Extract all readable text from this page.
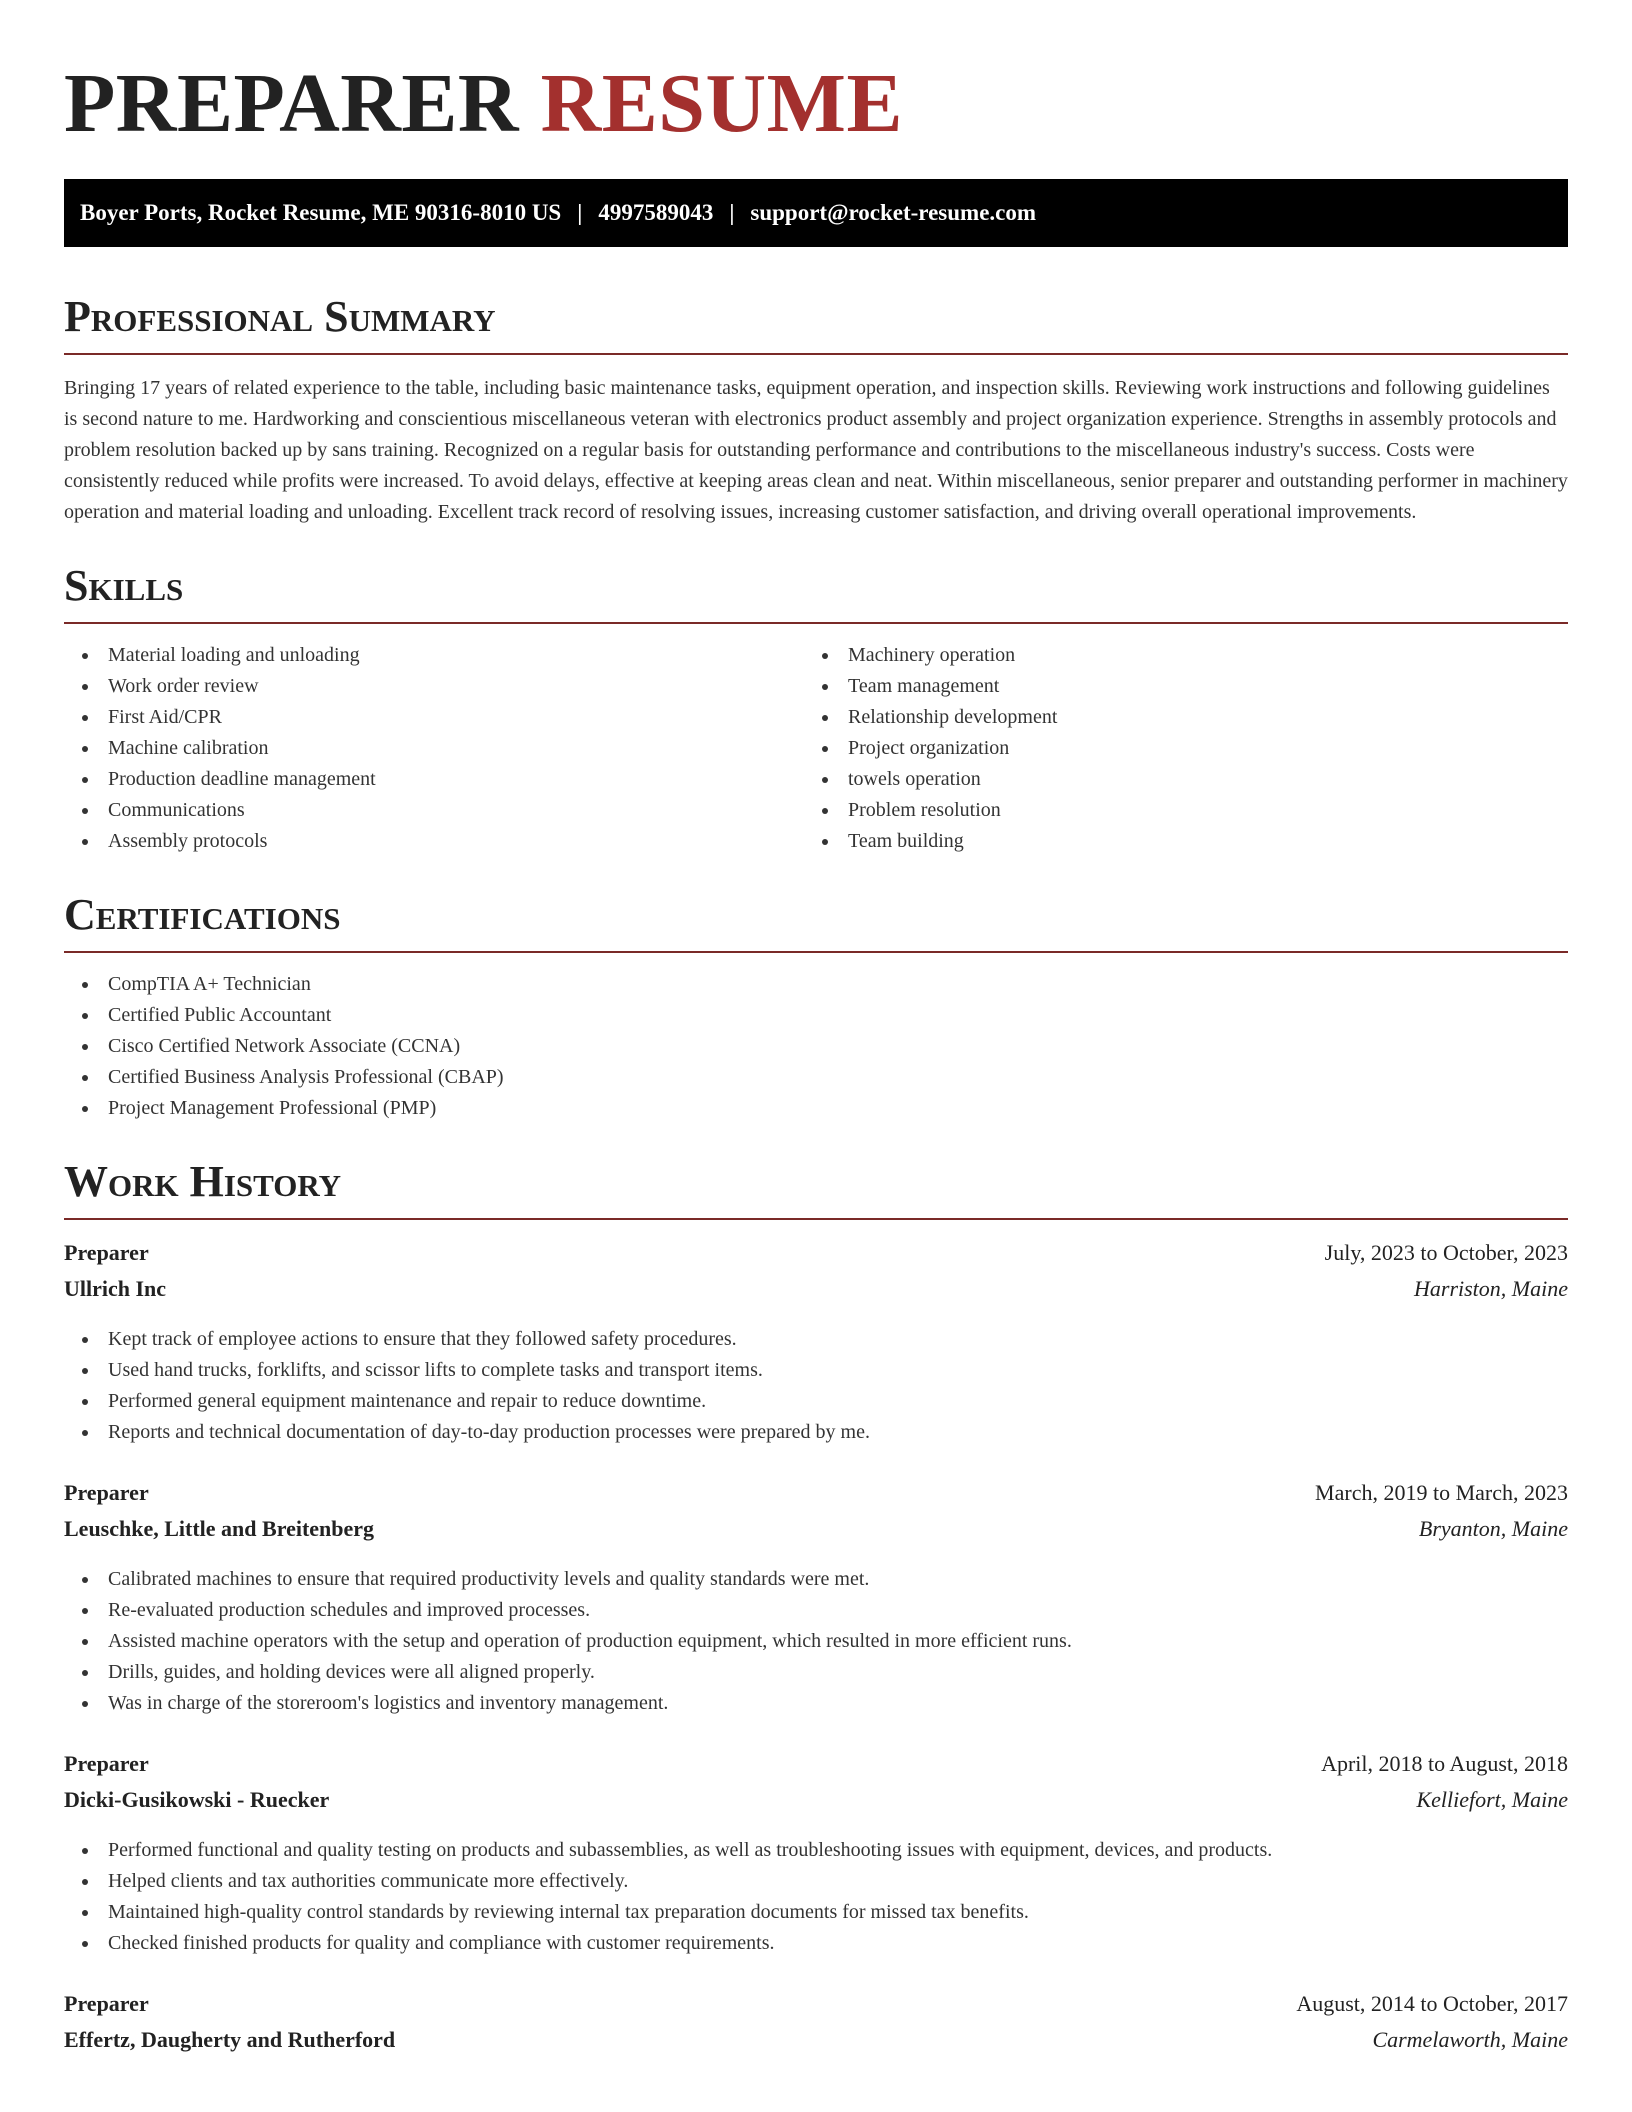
PREPARER RESUME
Boyer Ports, Rocket Resume, ME 90316-8010 US | 4997589043 | support@rocket-resume.com
Professional Summary

Bringing 17 years of related experience to the table, including basic maintenance tasks, equipment operation, and inspection skills. Reviewing work instructions and following guidelines is second nature to me. Hardworking and conscientious miscellaneous veteran with electronics product assembly and project organization experience. Strengths in assembly protocols and problem resolution backed up by sans training. Recognized on a regular basis for outstanding performance and contributions to the miscellaneous industry's success. Costs were consistently reduced while profits were increased. To avoid delays, effective at keeping areas clean and neat. Within miscellaneous, senior preparer and outstanding performer in machinery operation and material loading and unloading. Excellent track record of resolving issues, increasing customer satisfaction, and driving overall operational improvements.

Skills
Material loading and unloading
Work order review
First Aid/CPR
Machine calibration
Production deadline management
Communications
Assembly protocols
Machinery operation
Team management
Relationship development
Project organization
towels operation
Problem resolution
Team building
Certifications
CompTIA A+ Technician
Certified Public Accountant
Cisco Certified Network Associate (CCNA)
Certified Business Analysis Professional (CBAP)
Project Management Professional (PMP)
Work History
Preparer	July, 2023 to October, 2023
Ullrich Inc	Harriston, Maine
Kept track of employee actions to ensure that they followed safety procedures.
Used hand trucks, forklifts, and scissor lifts to complete tasks and transport items.
Performed general equipment maintenance and repair to reduce downtime.
Reports and technical documentation of day-to-day production processes were prepared by me.
Preparer	March, 2019 to March, 2023
Leuschke, Little and Breitenberg	Bryanton, Maine
Calibrated machines to ensure that required productivity levels and quality standards were met.
Re-evaluated production schedules and improved processes.
Assisted machine operators with the setup and operation of production equipment, which resulted in more efficient runs.
Drills, guides, and holding devices were all aligned properly.
Was in charge of the storeroom's logistics and inventory management.
Preparer	April, 2018 to August, 2018
Dicki-Gusikowski - Ruecker	Kelliefort, Maine
Performed functional and quality testing on products and subassemblies, as well as troubleshooting issues with equipment, devices, and products.
Helped clients and tax authorities communicate more effectively.
Maintained high-quality control standards by reviewing internal tax preparation documents for missed tax benefits.
Checked finished products for quality and compliance with customer requirements.
Preparer	August, 2014 to October, 2017
Effertz, Daugherty and Rutherford	Carmelaworth, Maine
